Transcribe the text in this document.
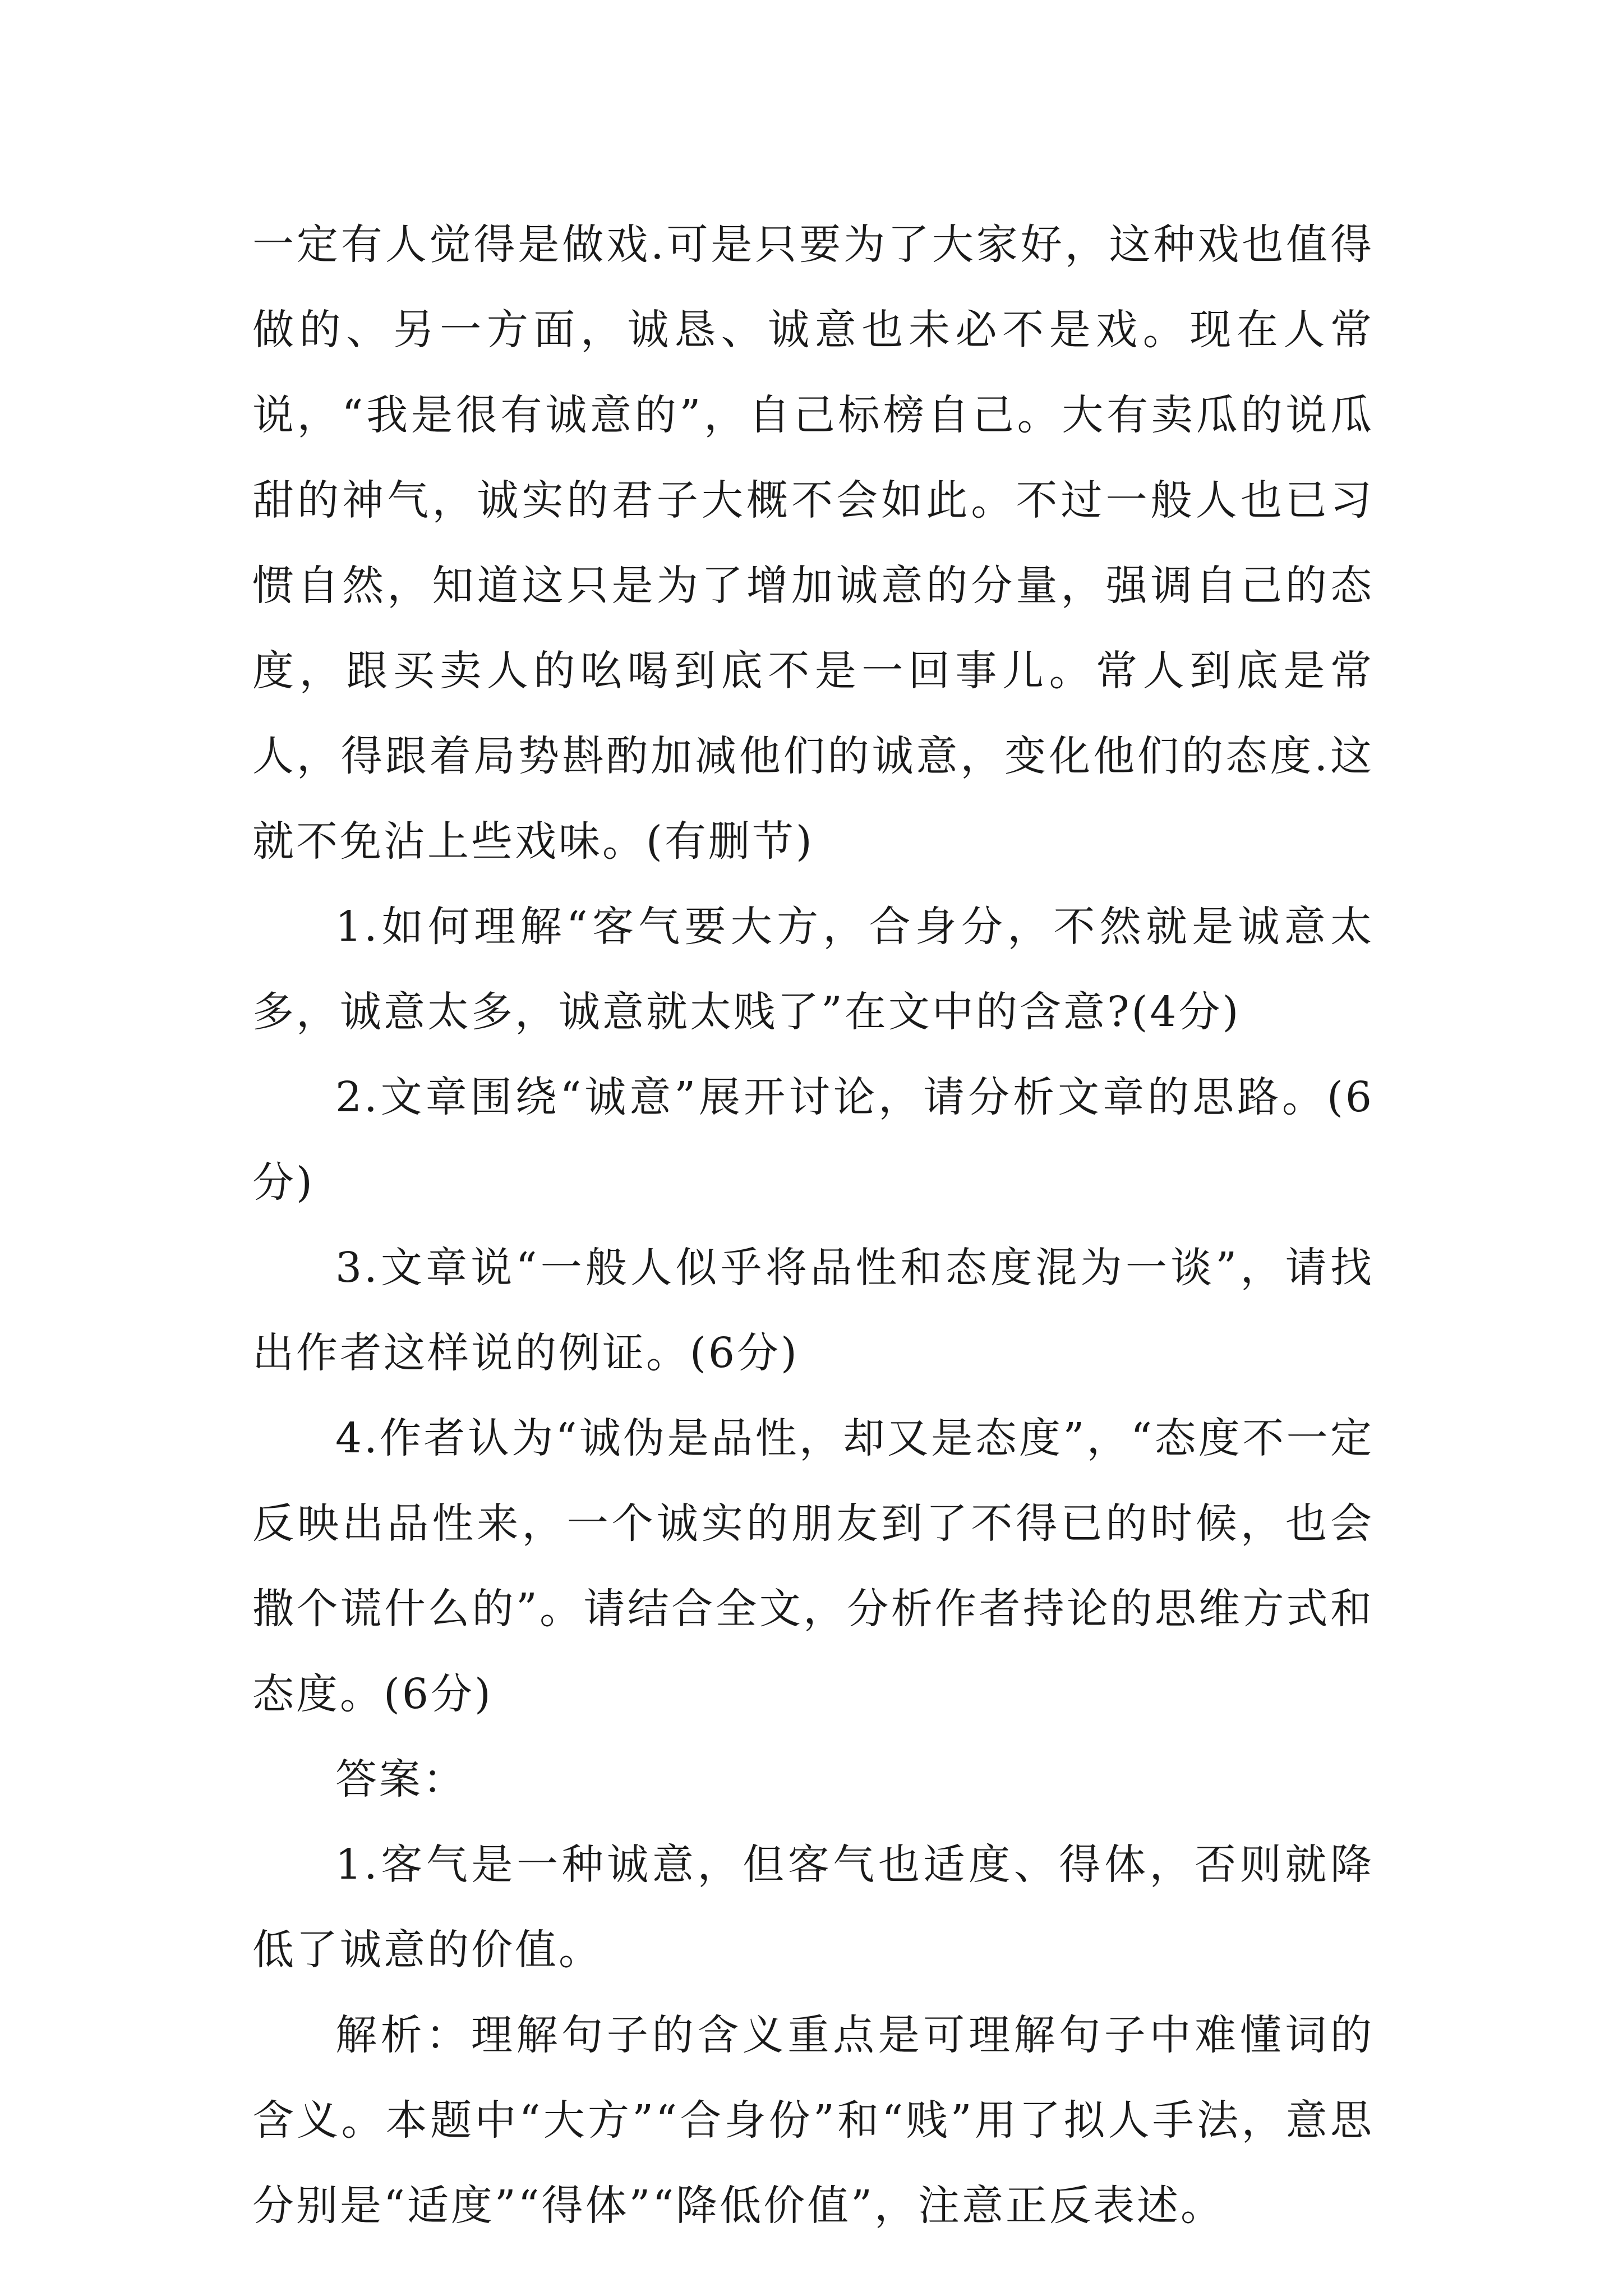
一定有人觉得是做戏.可是只要为了大家好，这种戏也值得做的、另一方面，诚恳、诚意也未必不是戏。现在人常说，“我是很有诚意的”，自己标榜自己。大有卖瓜的说瓜甜的神气，诚实的君子大概不会如此。不过一般人也已习惯自然，知道这只是为了增加诚意的分量，强调自己的态度，跟买卖人的吆喝到底不是一回事儿。常人到底是常人，得跟着局势斟酌加减他们的诚意，变化他们的态度.这就不免沾上些戏味。(有删节)

1.如何理解“客气要大方，合身分，不然就是诚意太多，诚意太多，诚意就太贱了”在文中的含意?(4分)

2.文章围绕“诚意”展开讨论，请分析文章的思路。(6分)

3.文章说“一般人似乎将品性和态度混为一谈”，请找出作者这样说的例证。(6分)

4.作者认为“诚伪是品性，却又是态度”，“态度不一定反映出品性来，一个诚实的朋友到了不得已的时候，也会撒个谎什么的”。请结合全文，分析作者持论的思维方式和态度。(6分)

答案：

1.客气是一种诚意，但客气也适度、得体，否则就降低了诚意的价值。

解析：理解句子的含义重点是可理解句子中难懂词的含义。本题中“大方”“合身份”和“贱”用了拟人手法，意思分别是“适度”“得体”“降低价值”，注意正反表述。
